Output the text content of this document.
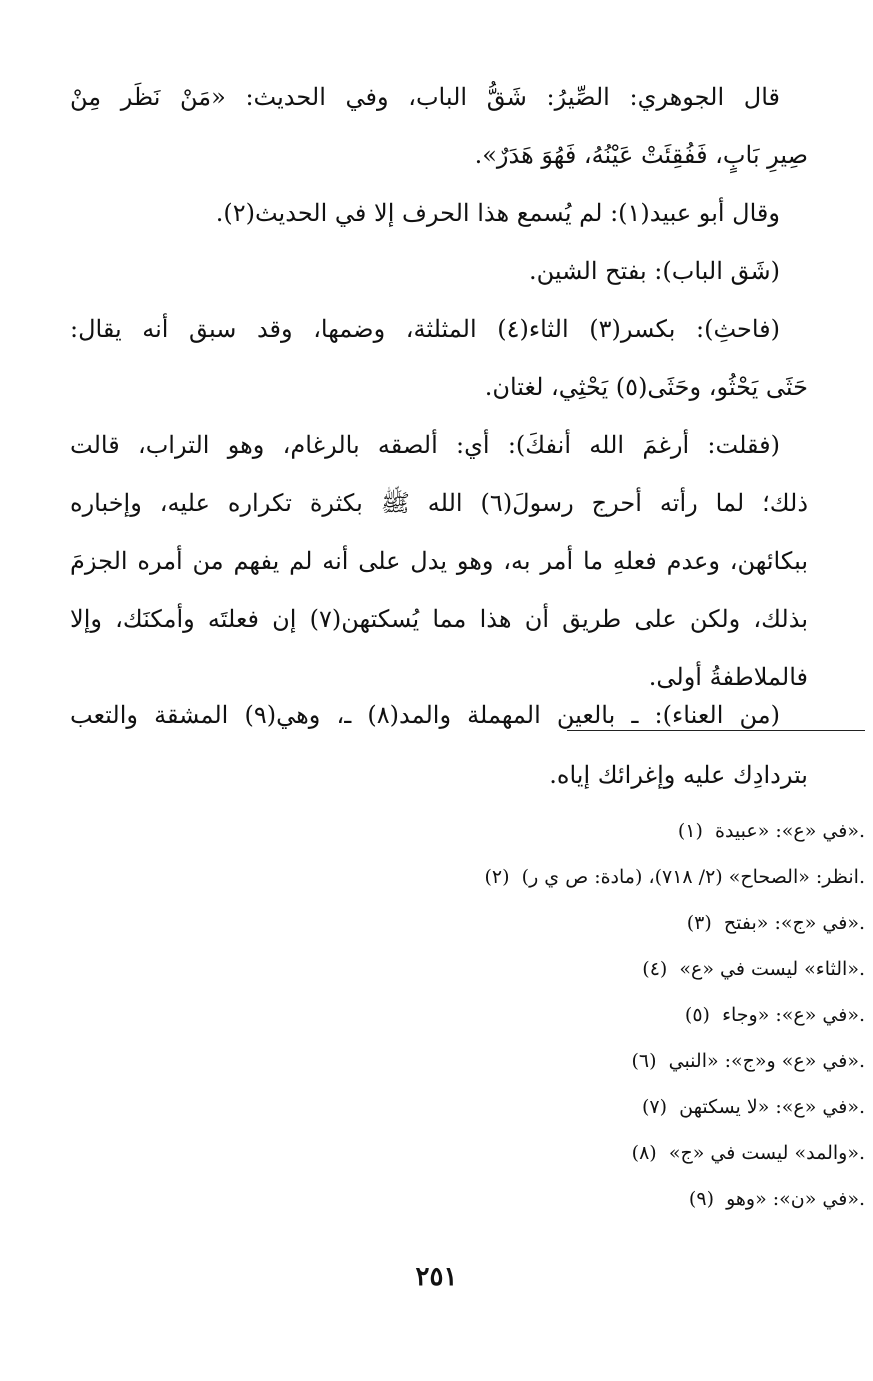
قال الجوهري: الصِّيرُ: شَقُّ الباب، وفي الحديث: «مَنْ نَظَر مِنْ
صِيرِ بَابٍ، فَفُقِئَتْ عَيْنُهُ، فَهُوَ هَدَرٌ».
وقال أبو عبيد(١): لم يُسمع هذا الحرف إلا في الحديث(٢).
(شَق الباب): بفتح الشين.
(فاحثِ): بكسر(٣) الثاء(٤) المثلثة، وضمها، وقد سبق أنه يقال:
حَثَى يَحْثُو، وحَثَى(٥) يَحْثِي، لغتان.
(فقلت: أرغمَ الله أنفكَ): أي: ألصقه بالرغام، وهو التراب، قالت
ذلك؛ لما رأته أحرج رسولَ(٦) الله ﷺ بكثرة تكراره عليه، وإخباره
ببكائهن، وعدم فعلهِ ما أمر به، وهو يدل على أنه لم يفهم من أمره الجزمَ
بذلك، ولكن على طريق أن هذا مما يُسكتهن(٧) إن فعلتَه وأمكنَك، وإلا
فالملاطفةُ أولى.
(من العناء): ـ بالعين المهملة والمد(٨) ـ، وهي(٩) المشقة والتعب
بتردادِك عليه وإغرائك إياه.
(١) في «ع»: «عبيدة».
(٢) انظر: «الصحاح» (٢/ ٧١٨)، (مادة: ص ي ر).
(٣) في «ج»: «بفتح».
(٤) «الثاء» ليست في «ع».
(٥) في «ع»: «وجاء».
(٦) في «ع» و«ج»: «النبي».
(٧) في «ع»: «لا يسكتهن».
(٨) «والمد» ليست في «ج».
(٩) في «ن»: «وهو».
٢٥١
